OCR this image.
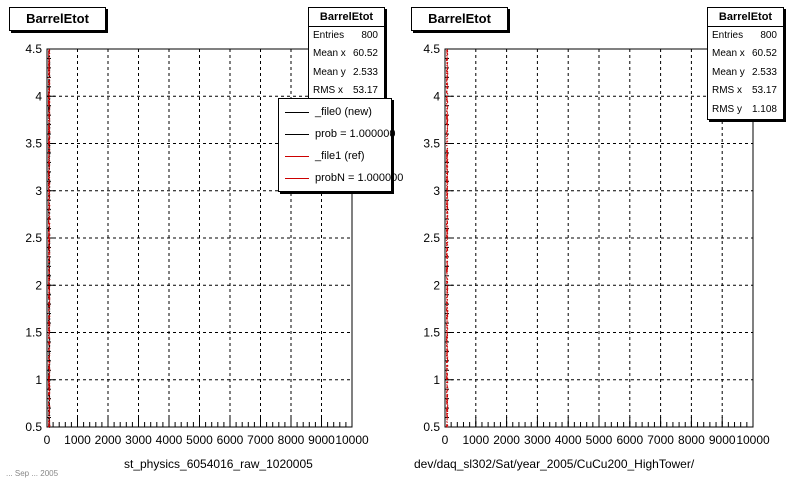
0.5
1
1.5
2
2.5
3
3.5
4
4.5
0 1000 2000 3000 4000 5000 6000 7000 8000 9000 10000
0.5
1
1.5
2
2.5
3
3.5
4
4.5
0 1000 2000 3000 4000 5000 6000 7000 8000 9000 10000
BarrelEtot	BarrelEtot
Entries 800
Mean x 60.52
Mean y 2.533
RMS x 53.17
_file0 (new)
prob = 1.000000
_file1 (ref)
probN = 1.000000
st_physics_6054016_raw_1020005
BarrelEtot	BarrelEtot
Entries 800
Mean x 60.52
Mean y 2.533
RMS x 53.17
RMS y 1.108
dev/daq_sl302/Sat/year_2005/CuCu200_HighTower/
... Sep ... 2005
